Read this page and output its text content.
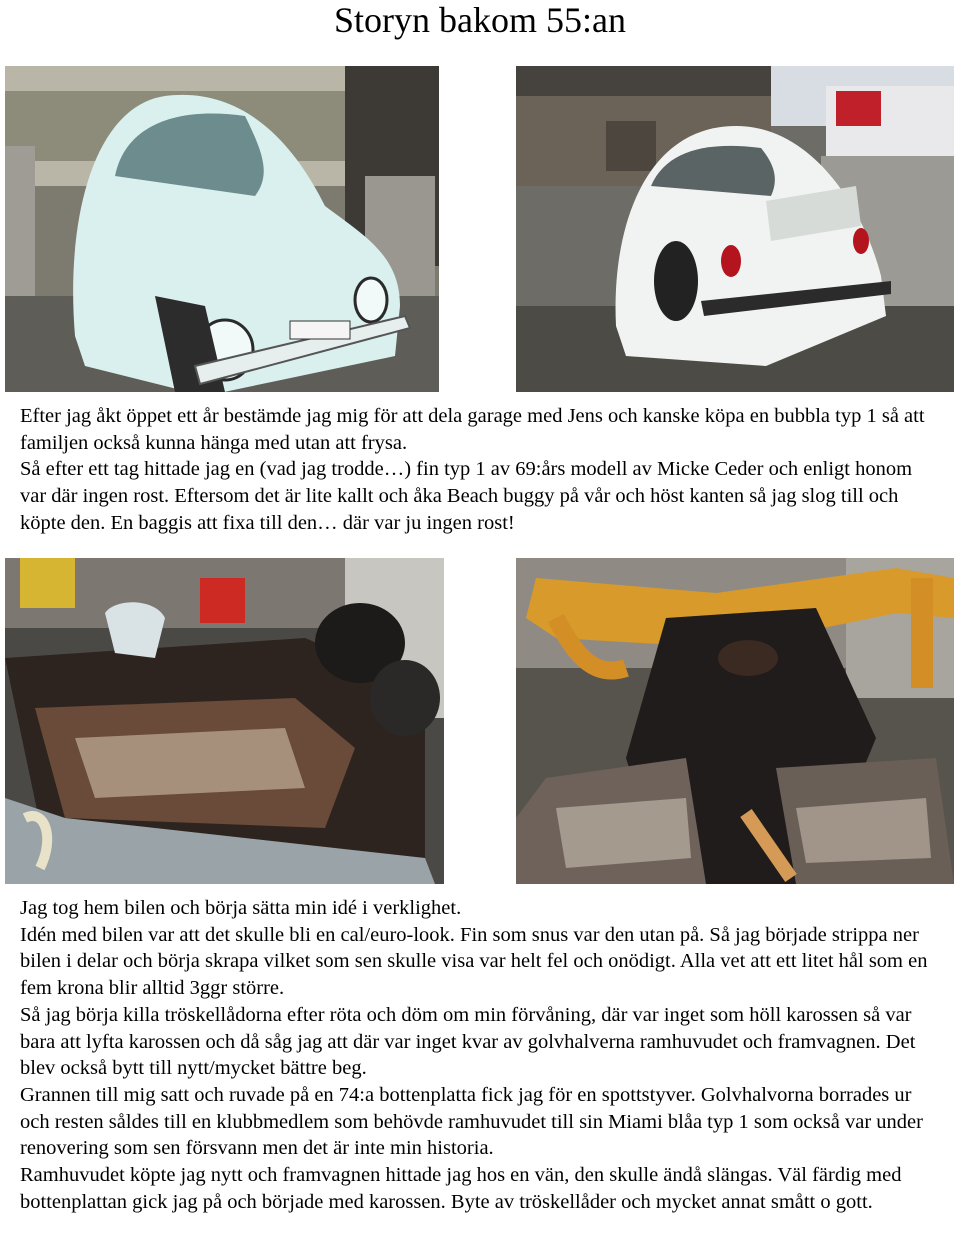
Storyn bakom 55:an

Efter jag åkt öppet ett år bestämde jag mig för att dela garage med Jens och kanske köpa en bubbla typ 1 så att familjen också kunna hänga med utan att frysa.

Så efter ett tag hittade jag en (vad jag trodde…) fin typ 1 av 69:års modell av Micke Ceder och enligt honom var där ingen rost. Eftersom det är lite kallt och åka Beach buggy på vår och höst kanten så jag slog till och köpte den. En baggis att fixa till den… där var ju ingen rost!

Jag tog hem bilen och börja sätta min idé i verklighet.

Idén med bilen var att det skulle bli en cal/euro-look. Fin som snus var den utan på. Så jag började strippa ner bilen i delar och börja skrapa vilket som sen skulle visa var helt fel och onödigt. Alla vet att ett litet hål som en fem krona blir alltid 3ggr större.

Så jag börja killa tröskellådorna efter röta och döm om min förvåning, där var inget som höll karossen så var bara att lyfta karossen och då såg jag att där var inget kvar av golvhalverna ramhuvudet och framvagnen. Det blev också bytt till nytt/mycket bättre beg.

Grannen till mig satt och ruvade på en 74:a bottenplatta fick jag för en spottstyver. Golvhalvorna borrades ur och resten såldes till en klubbmedlem som behövde ramhuvudet till sin Miami blåa typ 1 som också var under renovering som sen försvann men det är inte min historia.

Ramhuvudet köpte jag nytt och framvagnen hittade jag hos en vän, den skulle ändå slängas. Väl färdig med bottenplattan gick jag på och började med karossen. Byte av tröskellåder och mycket annat smått o gott.
